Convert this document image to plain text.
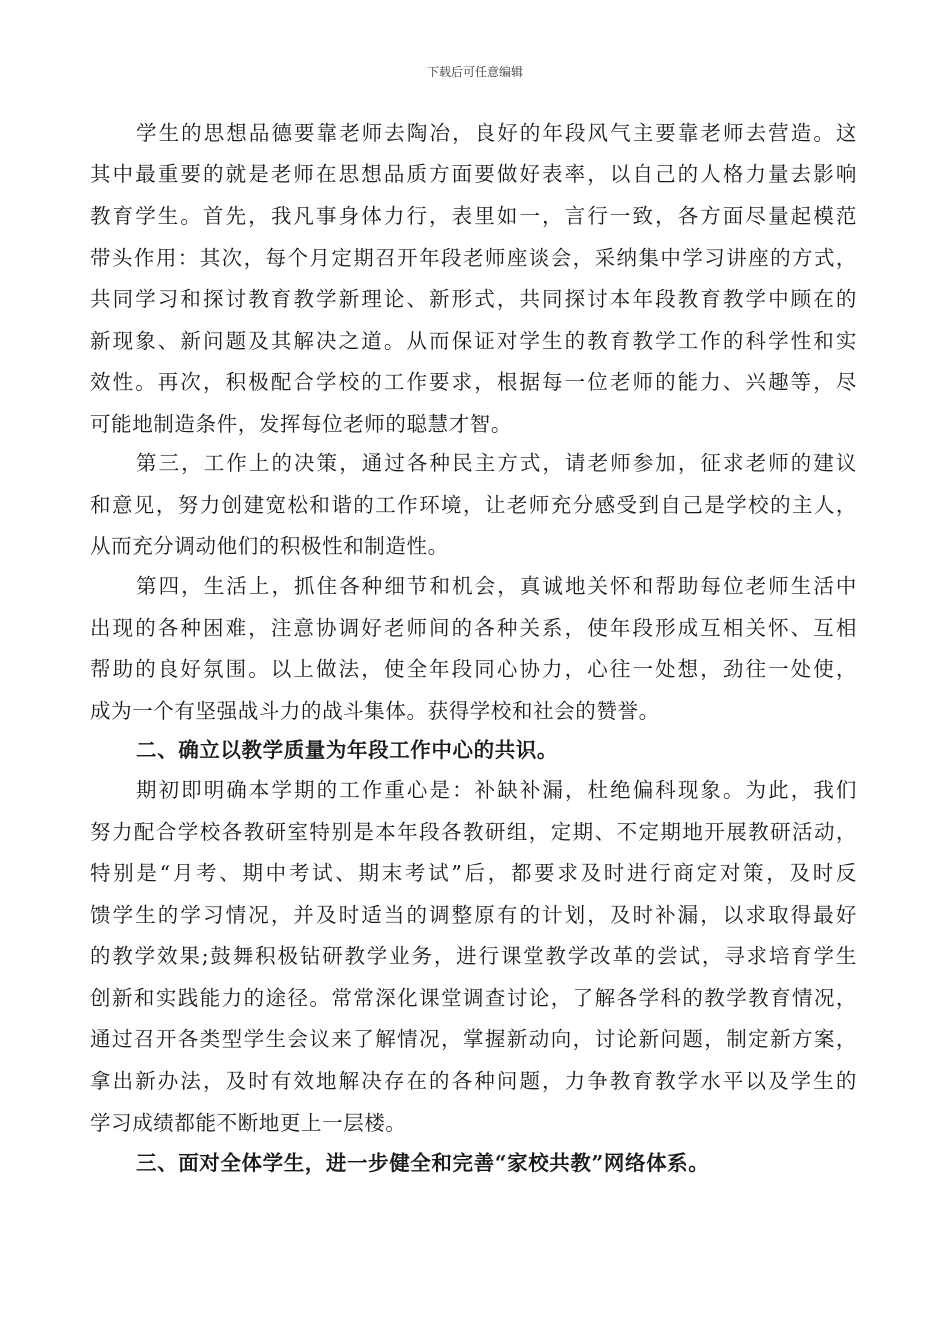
下载后可任意编辑
学生的思想品德要靠老师去陶冶，良好的年段风气主要靠老师去营造。这
其中最重要的就是老师在思想品质方面要做好表率，以自己的人格力量去影响
教育学生。首先，我凡事身体力行，表里如一，言行一致，各方面尽量起模范
带头作用：其次，每个月定期召开年段老师座谈会，采纳集中学习讲座的方式，
共同学习和探讨教育教学新理论、新形式，共同探讨本年段教育教学中顾在的
新现象、新问题及其解决之道。从而保证对学生的教育教学工作的科学性和实
效性。再次，积极配合学校的工作要求，根据每一位老师的能力、兴趣等，尽
可能地制造条件，发挥每位老师的聪慧才智。
第三，工作上的决策，通过各种民主方式，请老师参加，征求老师的建议
和意见，努力创建宽松和谐的工作环境，让老师充分感受到自己是学校的主人，
从而充分调动他们的积极性和制造性。
第四，生活上，抓住各种细节和机会，真诚地关怀和帮助每位老师生活中
出现的各种困难，注意协调好老师间的各种关系，使年段形成互相关怀、互相
帮助的良好氛围。以上做法，使全年段同心协力，心往一处想，劲往一处使，
成为一个有坚强战斗力的战斗集体。获得学校和社会的赞誉。
二、确立以教学质量为年段工作中心的共识。
期初即明确本学期的工作重心是：补缺补漏，杜绝偏科现象。为此，我们
努力配合学校各教研室特别是本年段各教研组，定期、不定期地开展教研活动，
特别是“月考、期中考试、期末考试”后，都要求及时进行商定对策，及时反
馈学生的学习情况，并及时适当的调整原有的计划，及时补漏，以求取得最好
的教学效果;鼓舞积极钻研教学业务，进行课堂教学改革的尝试，寻求培育学生
创新和实践能力的途径。常常深化课堂调查讨论，了解各学科的教学教育情况，
通过召开各类型学生会议来了解情况，掌握新动向，讨论新问题，制定新方案，
拿出新办法，及时有效地解决存在的各种问题，力争教育教学水平以及学生的
学习成绩都能不断地更上一层楼。
三、面对全体学生，进一步健全和完善“家校共教”网络体系。
